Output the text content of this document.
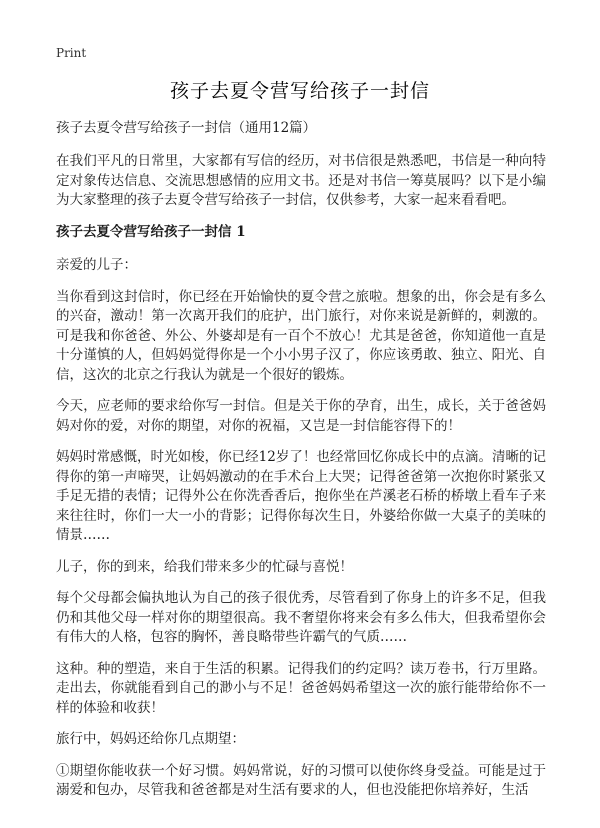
Print
孩子去夏令营写给孩子一封信

孩子去夏令营写给孩子一封信（通用12篇）

在我们平凡的日常里，大家都有写信的经历，对书信很是熟悉吧，书信是一种向特定对象传达信息、交流思想感情的应用文书。还是对书信一筹莫展吗？以下是小编为大家整理的孩子去夏令营写给孩子一封信，仅供参考，大家一起来看看吧。

孩子去夏令营写给孩子一封信 1

亲爱的儿子：

当你看到这封信时，你已经在开始愉快的夏令营之旅啦。想象的出，你会是有多么的兴奋，激动！第一次离开我们的庇护，出门旅行，对你来说是新鲜的，刺激的。可是我和你爸爸、外公、外婆却是有一百个不放心！尤其是爸爸，你知道他一直是十分谨慎的人，但妈妈觉得你是一个小小男子汉了，你应该勇敢、独立、阳光、自信，这次的北京之行我认为就是一个很好的锻炼。

今天，应老师的要求给你写一封信。但是关于你的孕育，出生，成长，关于爸爸妈妈对你的爱，对你的期望，对你的祝福，又岂是一封信能容得下的！

妈妈时常感慨，时光如梭，你已经12岁了！也经常回忆你成长中的点滴。清晰的记得你的第一声啼哭，让妈妈激动的在手术台上大哭；记得爸爸第一次抱你时紧张又手足无措的表情；记得外公在你洗香香后，抱你坐在芦溪老石桥的桥墩上看车子来来往往时，你们一大一小的背影；记得你每次生日，外婆给你做一大桌子的美味的情景……

儿子，你的到来，给我们带来多少的忙碌与喜悦！

每个父母都会偏执地认为自己的孩子很优秀，尽管看到了你身上的许多不足，但我仍和其他父母一样对你的期望很高。我不奢望你将来会有多么伟大，但我希望你会有伟大的人格，包容的胸怀，善良略带些许霸气的气质……

这种。种的塑造，来自于生活的积累。记得我们的约定吗？读万卷书，行万里路。走出去，你就能看到自己的渺小与不足！爸爸妈妈希望这一次的旅行能带给你不一样的体验和收获！

旅行中，妈妈还给你几点期望：

①期望你能收获一个好习惯。妈妈常说，好的习惯可以使你终身受益。可能是过于溺爱和包办，尽管我和爸爸都是对生活有要求的人，但也没能把你培养好，生活
